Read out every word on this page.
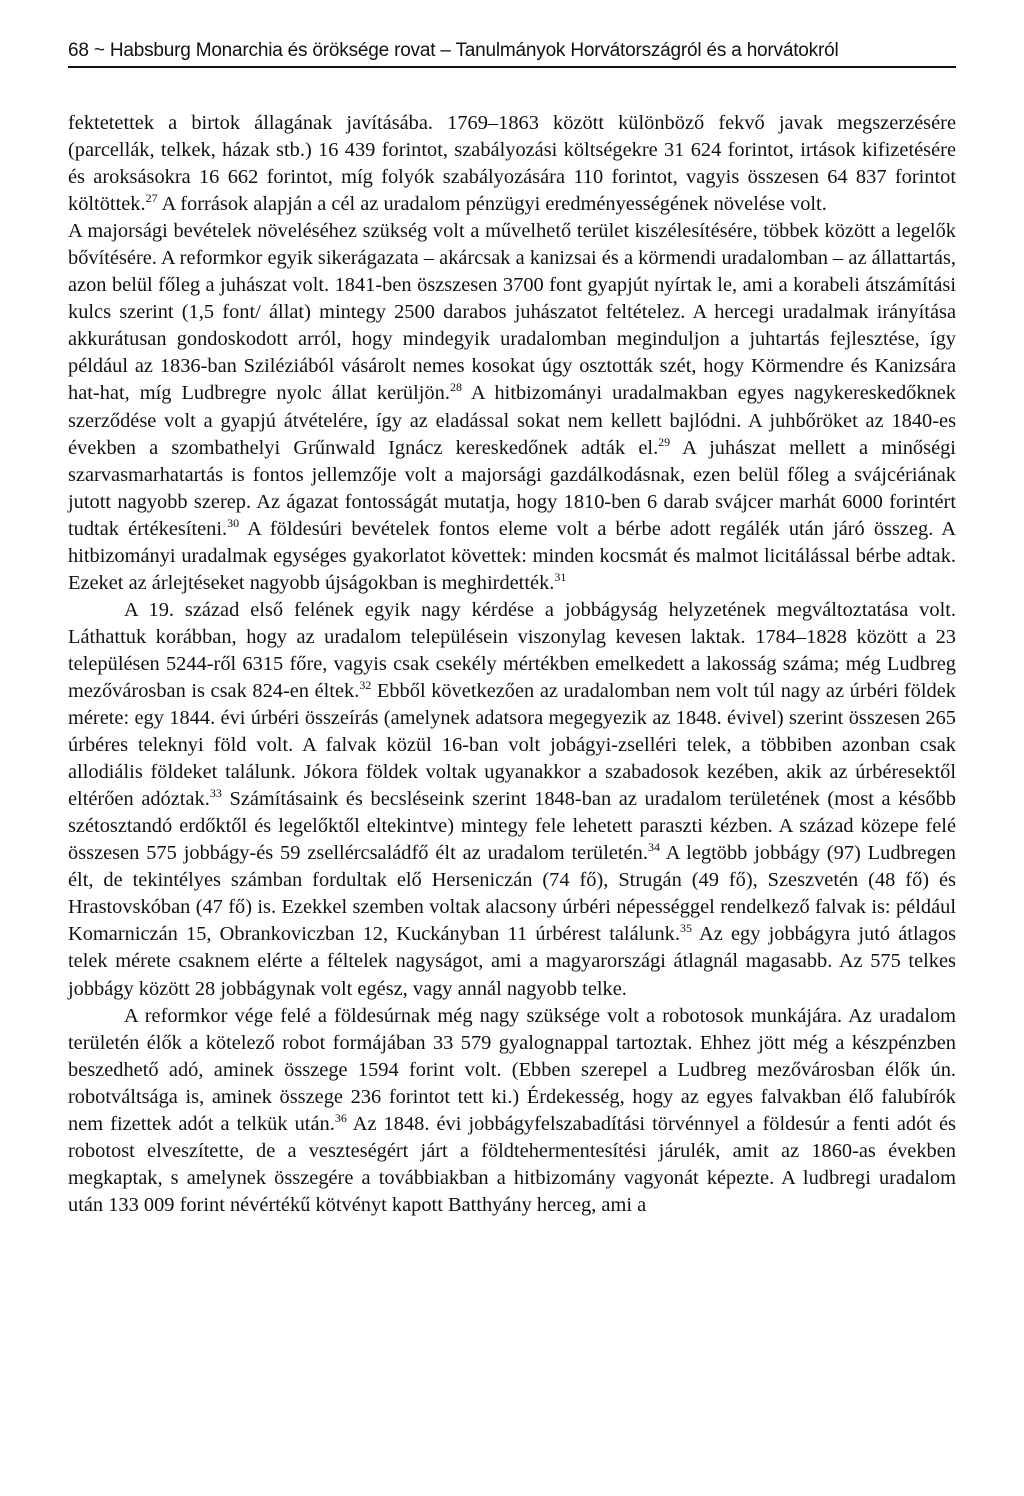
68 ~ Habsburg Monarchia és öröksége rovat – Tanulmányok Horvátországról és a horvátokról

fektetettek a birtok állagának javításába. 1769–1863 között különböző fekvő javak megszerzésére (parcellák, telkek, házak stb.) 16 439 forintot, szabályozási költségekre 31 624 forintot, irtások kifizetésére és aroksásokra 16 662 forintot, míg folyók szabályozására 110 forintot, vagyis összesen 64 837 forintot költöttek.$^{27}$ A források alapján a cél az uradalom pénzügyi eredményességének növelése volt.

A majorsági bevételek növeléséhez szükség volt a művelhető terület kiszélesítésére, többek között a legelők bővítésére. A reformkor egyik sikerágazata – akárcsak a kanizsai és a körmendi uradalomban – az állattartás, azon belül főleg a juhászat volt. 1841-ben öszszesen 3700 font gyapjút nyírtak le, ami a korabeli átszámítási kulcs szerint (1,5 font/ állat) mintegy 2500 darabos juhászatot feltételez. A hercegi uradalmak irányítása akkurátusan gondoskodott arról, hogy mindegyik uradalomban meginduljon a juhtartás fejlesztése, így például az 1836-ban Sziléziából vásárolt nemes kosokat úgy osztották szét, hogy Körmendre és Kanizsára hat-hat, míg Ludbregre nyolc állat kerüljön.$^{28}$ A hitbizományi uradalmakban egyes nagykereskedőknek szerződése volt a gyapjú átvételére, így az eladással sokat nem kellett bajlódni. A juhbőröket az 1840-es években a szombathelyi Grűnwald Ignácz kereskedőnek adták el.$^{29}$ A juhászat mellett a minőségi szarvasmarhatartás is fontos jellemzője volt a majorsági gazdálkodásnak, ezen belül főleg a svájcériának jutott nagyobb szerep. Az ágazat fontosságát mutatja, hogy 1810-ben 6 darab svájcer marhát 6000 forintért tudtak értékesíteni.$^{30}$ A földesúri bevételek fontos eleme volt a bérbe adott regálék után járó összeg. A hitbizományi uradalmak egységes gyakorlatot követtek: minden kocsmát és malmot licitálással bérbe adtak. Ezeket az árlejtéseket nagyobb újságokban is meghirdették.$^{31}$

A 19. század első felének egyik nagy kérdése a jobbágyság helyzetének megváltoztatása volt. Láthattuk korábban, hogy az uradalom településein viszonylag kevesen laktak. 1784–1828 között a 23 településen 5244-ről 6315 főre, vagyis csak csekély mértékben emelkedett a lakosság száma; még Ludbreg mezővárosban is csak 824-en éltek.$^{32}$ Ebből következően az uradalomban nem volt túl nagy az úrbéri földek mérete: egy 1844. évi úrbéri összeírás (amelynek adatsora megegyezik az 1848. évivel) szerint összesen 265 úrbéres teleknyi föld volt. A falvak közül 16-ban volt jobágyi-zselléri telek, a többiben azonban csak allodiális földeket találunk. Jókora földek voltak ugyanakkor a szabadosok kezében, akik az úrbéresektől eltérően adóztak.$^{33}$ Számításaink és becsléseink szerint 1848-ban az uradalom területének (most a később szétosztandó erdőktől és legelőktől eltekintve) mintegy fele lehetett paraszti kézben. A század közepe felé összesen 575 jobbágy-és 59 zsellércsaládfő élt az uradalom területén.$^{34}$ A legtöbb jobbágy (97) Ludbregen élt, de tekintélyes számban fordultak elő Herseniczán (74 fő), Strugán (49 fő), Szeszvetén (48 fő) és Hrastovskóban (47 fő) is. Ezekkel szemben voltak alacsony úrbéri népességgel rendelkező falvak is: például Komarniczán 15, Obrankoviczban 12, Kuckányban 11 úrbérest találunk.$^{35}$ Az egy jobbágyra jutó átlagos telek mérete csaknem elérte a féltelek nagyságot, ami a magyarországi átlagnál magasabb. Az 575 telkes jobbágy között 28 jobbágynak volt egész, vagy annál nagyobb telke.

A reformkor vége felé a földesúrnak még nagy szüksége volt a robotosok munkájára. Az uradalom területén élők a kötelező robot formájában 33 579 gyalognappal tartoztak. Ehhez jött még a készpénzben beszedhető adó, aminek összege 1594 forint volt. (Ebben szerepel a Ludbreg mezővárosban élők ún. robotváltsága is, aminek összege 236 forintot tett ki.) Érdekesség, hogy az egyes falvakban élő falubírók nem fizettek adót a telkük után.$^{36}$ Az 1848. évi jobbágyfelszabadítási törvénnyel a földesúr a fenti adót és robotost elveszítette, de a veszteségért járt a földtehermentesítési járulék, amit az 1860-as években megkaptak, s amelynek összegére a továbbiakban a hitbizomány vagyonát képezte. A ludbregi uradalom után 133 009 forint névértékű kötvényt kapott Batthyány herceg, ami a
